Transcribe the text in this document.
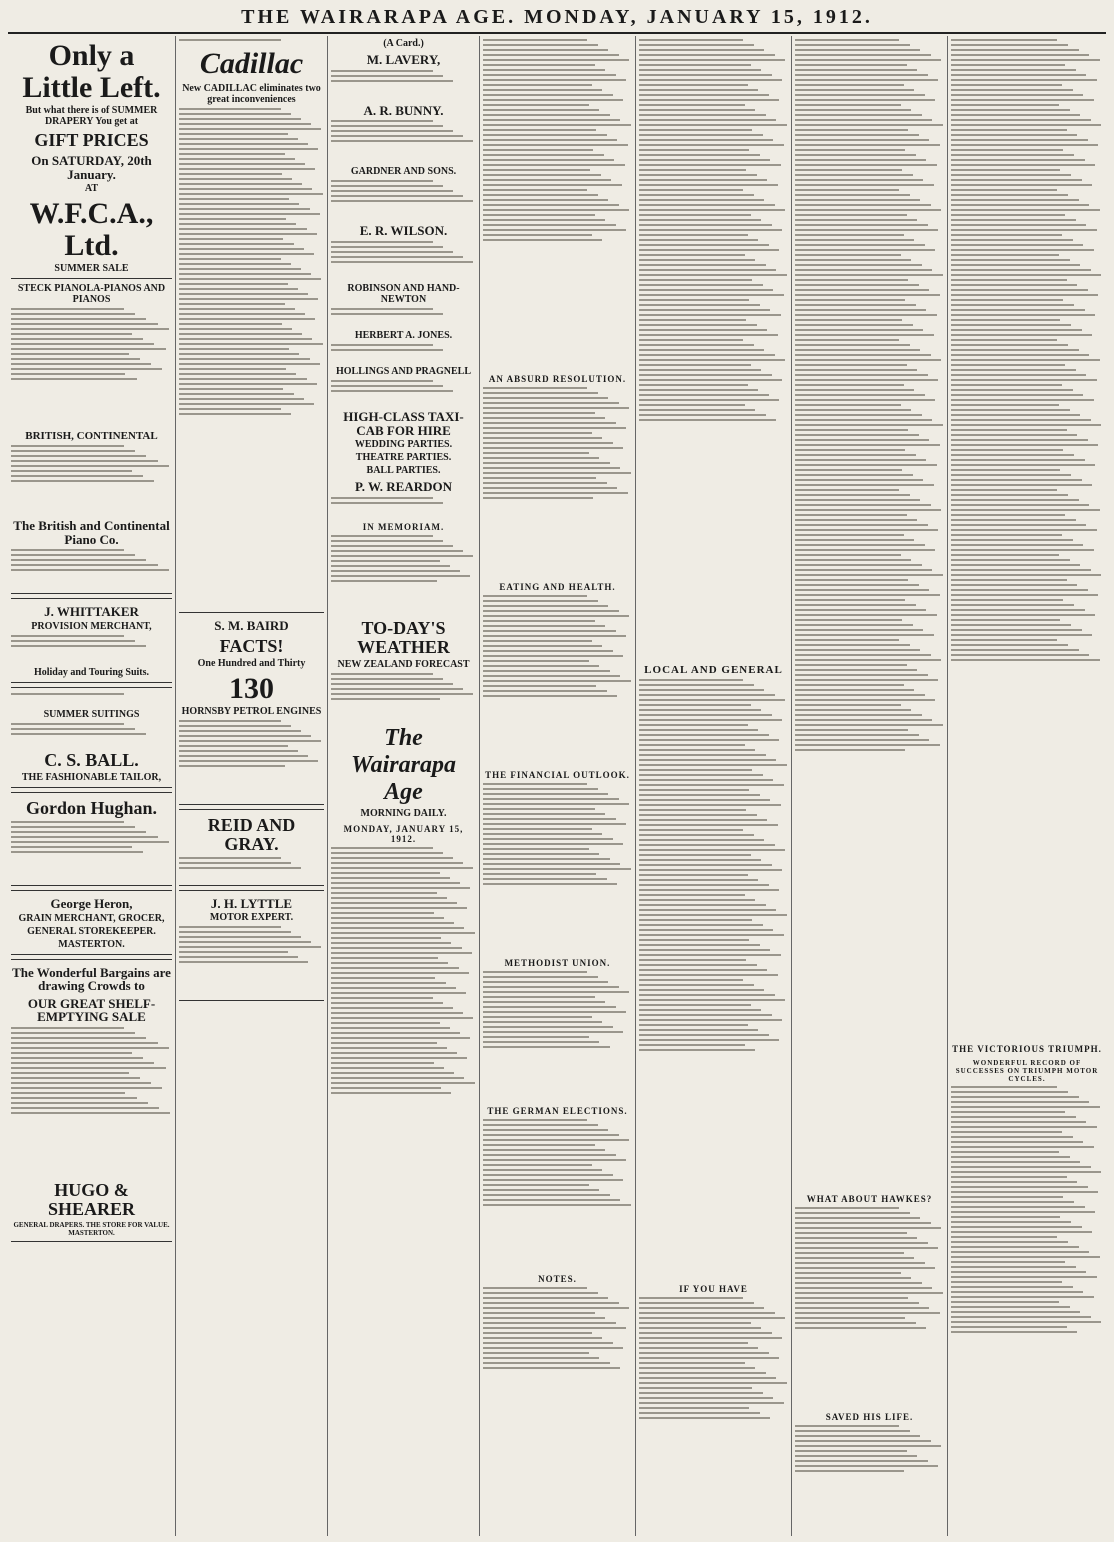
THE WAIRARAPA AGE. MONDAY, JANUARY 15, 1912.
Only a Little Left.
But what there is of SUMMER DRAPERY You get at
GIFT PRICES
On SATURDAY, 20th January.
AT
W.F.C.A., Ltd.
SUMMER SALE
STECK PIANOLA-PIANOS AND PIANOS
BRITISH, CONTINENTAL
The British and Continental Piano Co.
J. WHITTAKER
PROVISION MERCHANT,
Holiday and Touring Suits.
SUMMER SUITINGS
C. S. BALL.
THE FASHIONABLE TAILOR,
Gordon Hughan.
George Heron,
GRAIN MERCHANT, GROCER,
GENERAL STOREKEEPER.
MASTERTON.
The Wonderful Bargains are drawing Crowds to
OUR GREAT SHELF-EMPTYING SALE
HUGO & SHEARER
GENERAL DRAPERS. THE STORE FOR VALUE. MASTERTON.
Cadillac
New CADILLAC eliminates two great inconveniences
S. M. BAIRD
FACTS!
One Hundred and Thirty
130
HORNSBY PETROL ENGINES
REID AND GRAY.
J. H. LYTTLE
MOTOR EXPERT.
(A Card.)
M. LAVERY,
A. R. BUNNY.
GARDNER AND SONS.
E. R. WILSON.
ROBINSON AND HAND-NEWTON
HERBERT A. JONES.
HOLLINGS AND PRAGNELL
HIGH-CLASS TAXI-CAB FOR HIRE
WEDDING PARTIES.
THEATRE PARTIES.
BALL PARTIES.
P. W. REARDON
IN MEMORIAM.
TO-DAY'S WEATHER
NEW ZEALAND FORECAST
The Wairarapa Age
MORNING DAILY.
MONDAY, JANUARY 15, 1912.
AN ABSURD RESOLUTION.
EATING AND HEALTH.
THE FINANCIAL OUTLOOK.
METHODIST UNION.
THE GERMAN ELECTIONS.
NOTES.
LOCAL AND GENERAL
IF YOU HAVE
WHAT ABOUT HAWKES?
SAVED HIS LIFE.
THE VICTORIOUS TRIUMPH.
WONDERFUL RECORD OF SUCCESSES ON TRIUMPH MOTOR CYCLES.
